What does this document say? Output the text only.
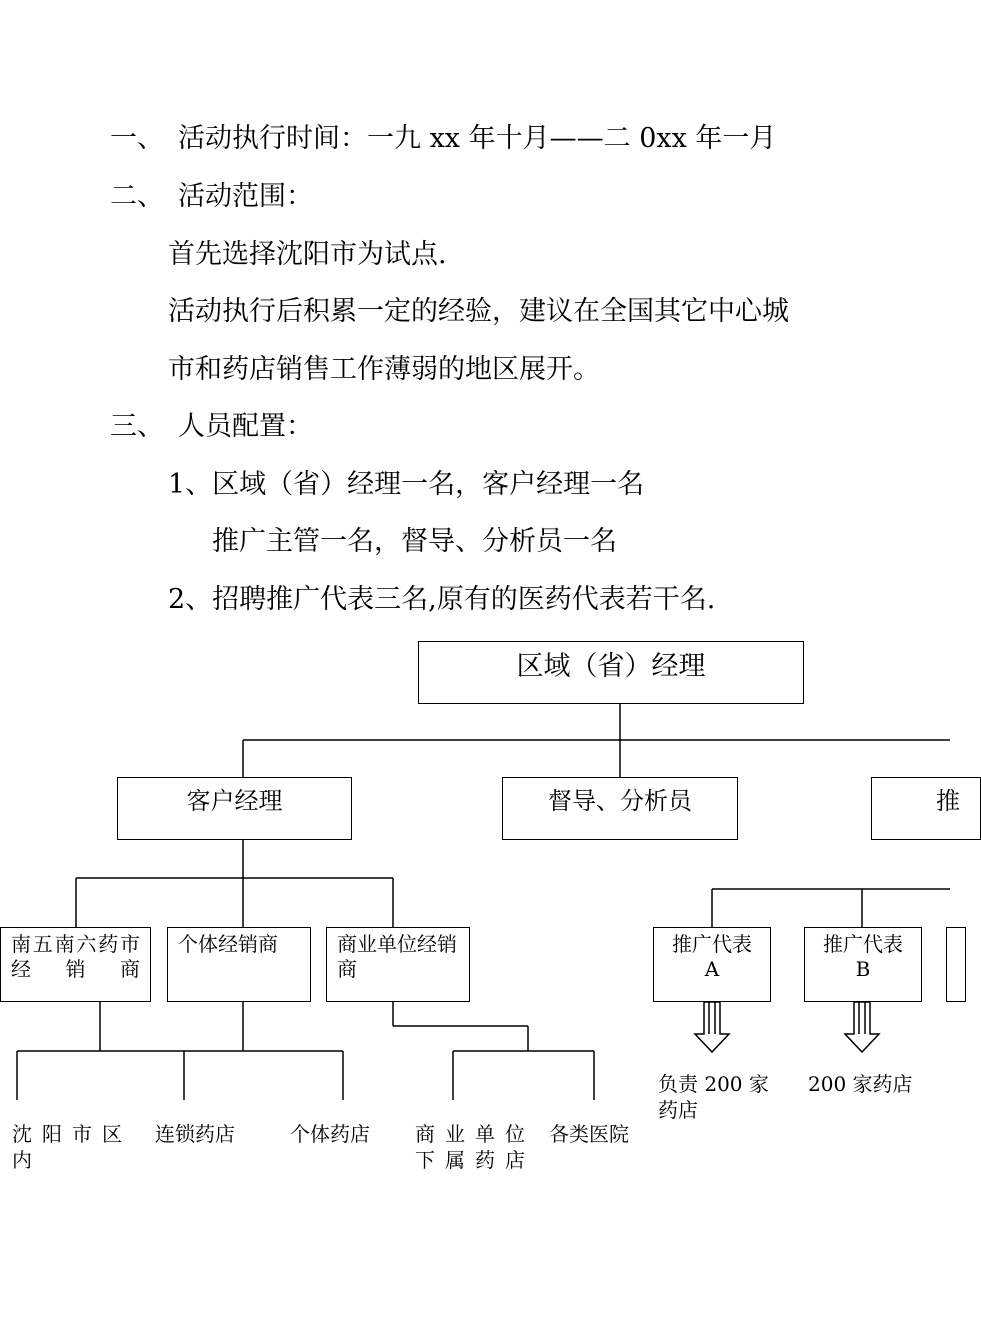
一、 活动执行时间：一九 xx 年十月——二 0xx 年一月
二、 活动范围：
首先选择沈阳市为试点.
活动执行后积累一定的经验，建议在全国其它中心城
市和药店销售工作薄弱的地区展开。
三、 人员配置：
1、区域（省）经理一名，客户经理一名
推广主管一名，督导、分析员一名
2、招聘推广代表三名,原有的医药代表若干名.
区域（省）经理
客户经理	督导、分析员	推
南五南六药市经销商
个体经销商	商业单位经销商
推广代表 A
推广代表 B
沈 阳 市 区 内
连锁药店	个体药店 商 业 单 位 下属药店
各类医院
负责 200 家药店
200 家药店
